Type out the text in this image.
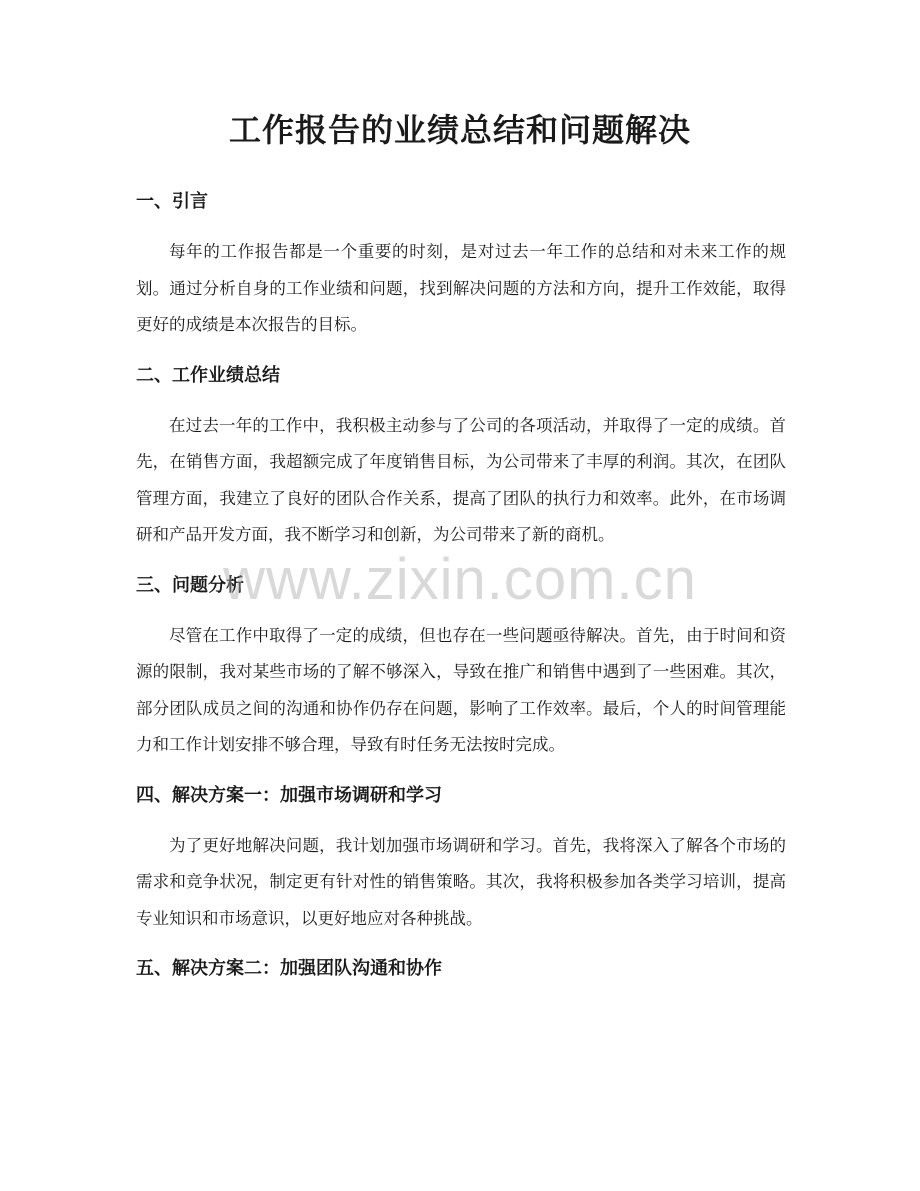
工作报告的业绩总结和问题解决
一、引言

每年的工作报告都是一个重要的时刻，是对过去一年工作的总结和对未来工作的规划。通过分析自身的工作业绩和问题，找到解决问题的方法和方向，提升工作效能，取得更好的成绩是本次报告的目标。

二、工作业绩总结

在过去一年的工作中，我积极主动参与了公司的各项活动，并取得了一定的成绩。首先，在销售方面，我超额完成了年度销售目标，为公司带来了丰厚的利润。其次，在团队管理方面，我建立了良好的团队合作关系，提高了团队的执行力和效率。此外，在市场调研和产品开发方面，我不断学习和创新，为公司带来了新的商机。

三、问题分析

尽管在工作中取得了一定的成绩，但也存在一些问题亟待解决。首先，由于时间和资源的限制，我对某些市场的了解不够深入，导致在推广和销售中遇到了一些困难。其次，部分团队成员之间的沟通和协作仍存在问题，影响了工作效率。最后，个人的时间管理能力和工作计划安排不够合理，导致有时任务无法按时完成。

四、解决方案一：加强市场调研和学习

为了更好地解决问题，我计划加强市场调研和学习。首先，我将深入了解各个市场的需求和竞争状况，制定更有针对性的销售策略。其次，我将积极参加各类学习培训，提高专业知识和市场意识，以更好地应对各种挑战。

五、解决方案二：加强团队沟通和协作
www.zixin.com.cn
